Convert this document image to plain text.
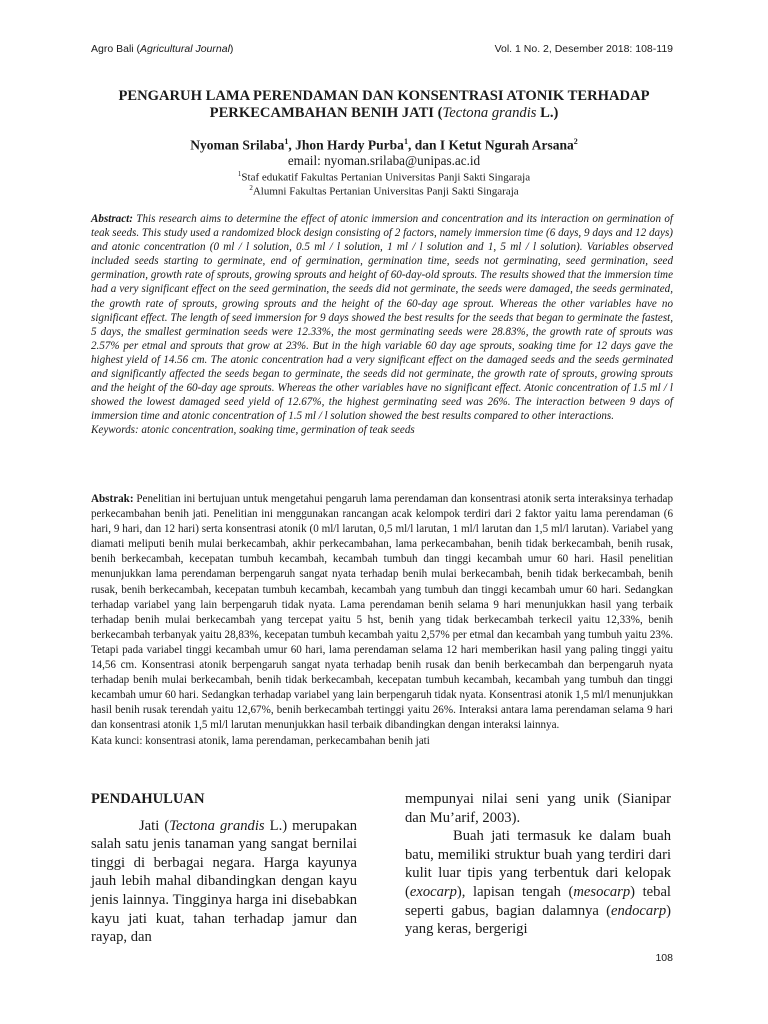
Agro Bali (Agricultural Journal)	Vol. 1 No. 2, Desember 2018: 108-119
PENGARUH LAMA PERENDAMAN DAN KONSENTRASI ATONIK TERHADAP
PERKECAMBAHAN BENIH JATI (Tectona grandis L.)
Nyoman Srilaba$^1$, Jhon Hardy Purba$^1$, dan I Ketut Ngurah Arsana$^2$
email: nyoman.srilaba@unipas.ac.id
$^1$Staf edukatif Fakultas Pertanian Universitas Panji Sakti Singaraja
$^2$Alumni Fakultas Pertanian Universitas Panji Sakti Singaraja

Abstract: This research aims to determine the effect of atonic immersion and concentration and its interaction on germination of teak seeds. This study used a randomized block design consisting of 2 factors, namely immersion time (6 days, 9 days and 12 days) and atonic concentration (0 ml / l solution, 0.5 ml / l solution, 1 ml / l solution and 1, 5 ml / l solution). Variables observed included seeds starting to germinate, end of germination, germination time, seeds not germinating, seed germination, seed germination, growth rate of sprouts, growing sprouts and height of 60-day-old sprouts. The results showed that the immersion time had a very significant effect on the seed germination, the seeds did not germinate, the seeds were damaged, the seeds germinated, the growth rate of sprouts, growing sprouts and the height of the 60-day age sprout. Whereas the other variables have no significant effect. The length of seed immersion for 9 days showed the best results for the seeds that began to germinate the fastest, 5 days, the smallest germination seeds were 12.33%, the most germinating seeds were 28.83%, the growth rate of sprouts was 2.57% per etmal and sprouts that grow at 23%. But in the high variable 60 day age sprouts, soaking time for 12 days gave the highest yield of 14.56 cm. The atonic concentration had a very significant effect on the damaged seeds and the seeds germinated and significantly affected the seeds began to germinate, the seeds did not germinate, the growth rate of sprouts, growing sprouts and the height of the 60-day age sprouts. Whereas the other variables have no significant effect. Atonic concentration of 1.5 ml / l showed the lowest damaged seed yield of 12.67%, the highest germinating seed was 26%. The interaction between 9 days of immersion time and atonic concentration of 1.5 ml / l solution showed the best results compared to other interactions.

Keywords: atonic concentration, soaking time, germination of teak seeds

Abstrak: Penelitian ini bertujuan untuk mengetahui pengaruh lama perendaman dan konsentrasi atonik serta interaksinya terhadap perkecambahan benih jati. Penelitian ini menggunakan rancangan acak kelompok terdiri dari 2 faktor yaitu lama perendaman (6 hari, 9 hari, dan 12 hari) serta konsentrasi atonik (0 ml/l larutan, 0,5 ml/l larutan, 1 ml/l larutan dan 1,5 ml/l larutan). Variabel yang diamati meliputi benih mulai berkecambah, akhir perkecambahan, lama perkecambahan, benih tidak berkecambah, benih rusak, benih berkecambah, kecepatan tumbuh kecambah, kecambah tumbuh dan tinggi kecambah umur 60 hari. Hasil penelitian menunjukkan lama perendaman berpengaruh sangat nyata terhadap benih mulai berkecambah, benih tidak berkecambah, benih rusak, benih berkecambah, kecepatan tumbuh kecambah, kecambah yang tumbuh dan tinggi kecambah umur 60 hari. Sedangkan terhadap variabel yang lain berpengaruh tidak nyata. Lama perendaman benih selama 9 hari menunjukkan hasil yang terbaik terhadap benih mulai berkecambah yang tercepat yaitu 5 hst, benih yang tidak berkecambah terkecil yaitu 12,33%, benih berkecambah terbanyak yaitu 28,83%, kecepatan tumbuh kecambah yaitu 2,57% per etmal dan kecambah yang tumbuh yaitu 23%. Tetapi pada variabel tinggi kecambah umur 60 hari, lama perendaman selama 12 hari memberikan hasil yang paling tinggi yaitu 14,56 cm. Konsentrasi atonik berpengaruh sangat nyata terhadap benih rusak dan benih berkecambah dan berpengaruh nyata terhadap benih mulai berkecambah, benih tidak berkecambah, kecepatan tumbuh kecambah, kecambah yang tumbuh dan tinggi kecambah umur 60 hari. Sedangkan terhadap variabel yang lain berpengaruh tidak nyata. Konsentrasi atonik 1,5 ml/l menunjukkan hasil benih rusak terendah yaitu 12,67%, benih berkecambah tertinggi yaitu 26%. Interaksi antara lama perendaman selama 9 hari dan konsentrasi atonik 1,5 ml/l larutan menunjukkan hasil terbaik dibandingkan dengan interaksi lainnya.

Kata kunci: konsentrasi atonik, lama perendaman, perkecambahan benih jati

PENDAHULUAN

Jati (Tectona grandis L.) merupakan salah satu jenis tanaman yang sangat bernilai tinggi di berbagai negara. Harga kayunya jauh lebih mahal dibandingkan dengan kayu jenis lainnya. Tingginya harga ini disebabkan kayu jati kuat, tahan terhadap jamur dan rayap, dan

mempunyai nilai seni yang unik (Sianipar dan Mu’arif, 2003).

Buah jati termasuk ke dalam buah batu, memiliki struktur buah yang terdiri dari kulit luar tipis yang terbentuk dari kelopak (exocarp), lapisan tengah (mesocarp) tebal seperti gabus, bagian dalamnya (endocarp) yang keras, bergerigi

108
